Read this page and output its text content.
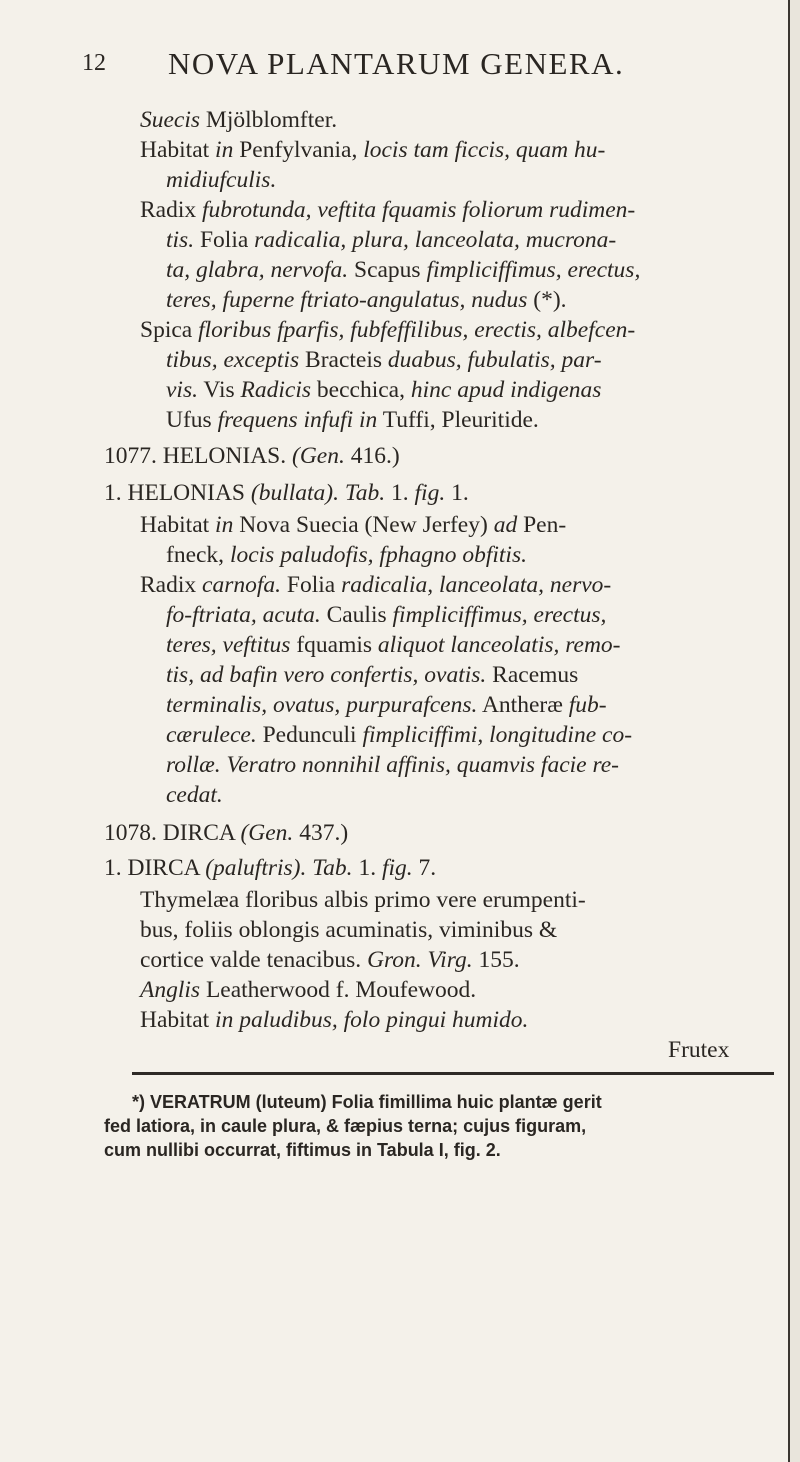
12 NOVA PLANTARUM GENERA.
Suecis Mjölblomfter.
Habitat in Penfylvania, locis tam ficcis, quam hu-
midiufculis.
Radix fubrotunda, veftita fquamis foliorum rudimen-
tis. Folia radicalia, plura, lanceolata, mucrona-
ta, glabra, nervofa. Scapus fimpliciffimus, erectus,
teres, fuperne ftriato-angulatus, nudus (*).
Spica floribus fparfis, fubfeffilibus, erectis, albefcen-
tibus, exceptis Bracteis duabus, fubulatis, par-
vis. Vis Radicis becchica, hinc apud indigenas
Ufus frequens infufi in Tuffi, Pleuritide.
1077. HELONIAS. (Gen. 416.)
1. HELONIAS (bullata). Tab. 1. fig. 1.
Habitat in Nova Suecia (New Jerfey) ad Pen-
fneck, locis paludofis, fphagno obfitis.
Radix carnofa. Folia radicalia, lanceolata, nervo-
fo-ftriata, acuta. Caulis fimpliciffimus, erectus,
teres, veftitus fquamis aliquot lanceolatis, remo-
tis, ad bafin vero confertis, ovatis. Racemus
terminalis, ovatus, purpurafcens. Antheræ fub-
cærulece. Pedunculi fimpliciffimi, longitudine co-
rollæ. Veratro nonnihil affinis, quamvis facie re-
cedat.
1078. DIRCA (Gen. 437.)
1. DIRCA (paluftris). Tab. 1. fig. 7.
Thymelæa floribus albis primo vere erumpenti-
bus, foliis oblongis acuminatis, viminibus &
cortice valde tenacibus. Gron. Virg. 155.
Anglis Leatherwood f. Moufewood.
Habitat in paludibus, folo pingui humido.
Frutex
*) VERATRUM (luteum) Folia fimillima huic plantæ gerit
fed latiora, in caule plura, & fæpius terna; cujus figuram,
cum nullibi occurrat, fiftimus in Tabula I, fig. 2.
